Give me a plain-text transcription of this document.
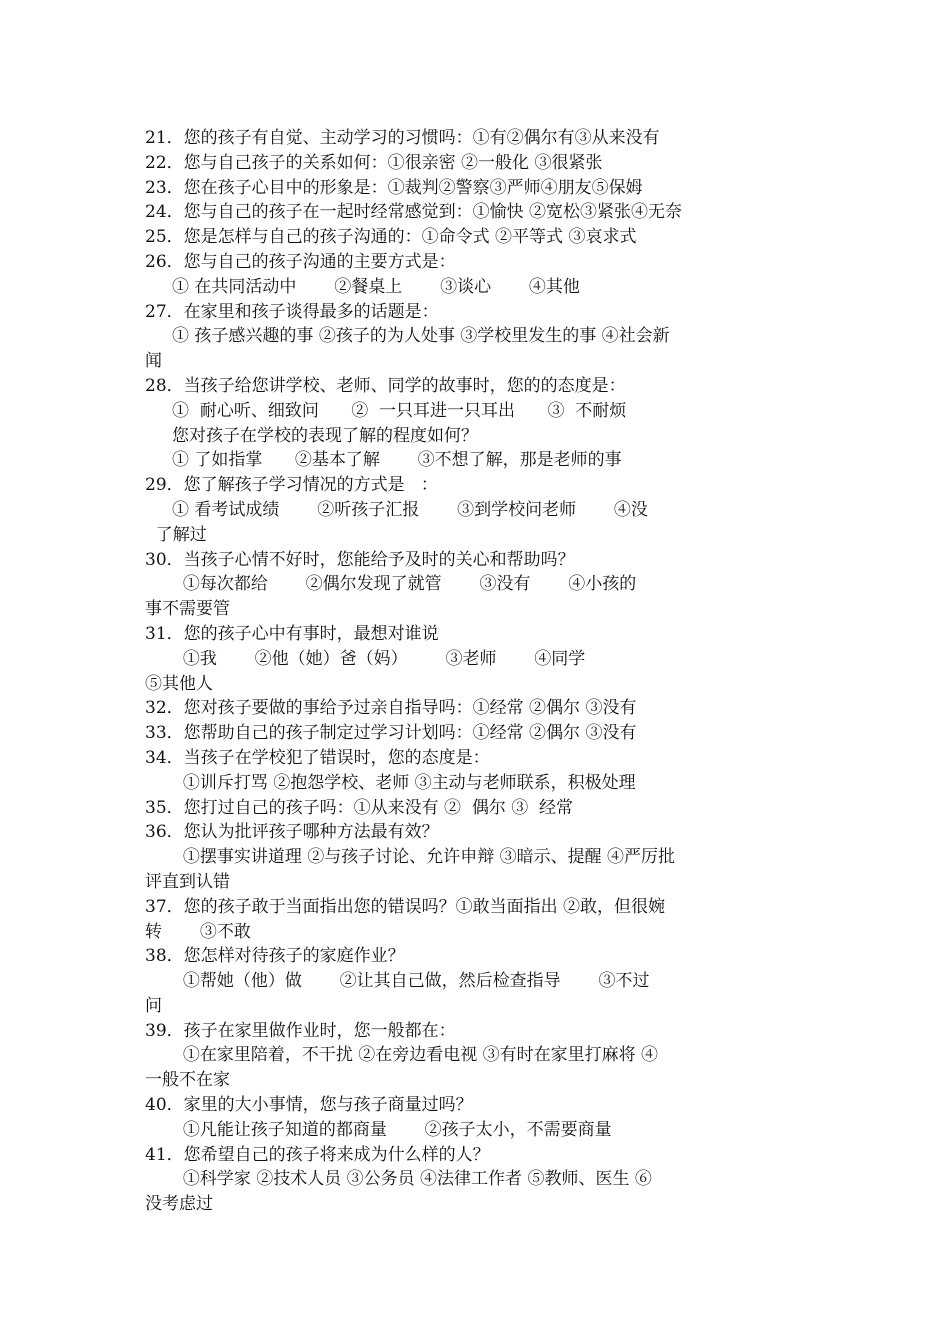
21．您的孩子有自觉、主动学习的习惯吗：①有②偶尔有③从来没有
22．您与自己孩子的关系如何：①很亲密 ②一般化 ③很紧张
23．您在孩子心目中的形象是：①裁判②警察③严师④朋友⑤保姆
24．您与自己的孩子在一起时经常感觉到：①愉快 ②宽松③紧张④无奈
25．您是怎样与自己的孩子沟通的：①命令式 ②平等式 ③哀求式
26．您与自己的孩子沟通的主要方式是：
① 在共同活动中       ②餐桌上       ③谈心       ④其他
27．在家里和孩子谈得最多的话题是：
① 孩子感兴趣的事 ②孩子的为人处事 ③学校里发生的事 ④社会新
闻
28．当孩子给您讲学校、老师、同学的故事时，您的的态度是：
①  耐心听、细致问      ②  一只耳进一只耳出      ③  不耐烦
您对孩子在学校的表现了解的程度如何？
① 了如指掌      ②基本了解       ③不想了解，那是老师的事
29．您了解孩子学习情况的方式是   ：
① 看考试成绩       ②听孩子汇报       ③到学校问老师       ④没
了解过
30．当孩子心情不好时，您能给予及时的关心和帮助吗？
①每次都给       ②偶尔发现了就管       ③没有       ④小孩的
事不需要管
31．您的孩子心中有事时，最想对谁说
①我       ②他（她）爸（妈）       ③老师       ④同学
⑤其他人
32．您对孩子要做的事给予过亲自指导吗：①经常 ②偶尔 ③没有
33．您帮助自己的孩子制定过学习计划吗：①经常 ②偶尔 ③没有
34．当孩子在学校犯了错误时，您的态度是：
①训斥打骂 ②抱怨学校、老师 ③主动与老师联系，积极处理
35．您打过自己的孩子吗：①从来没有 ②  偶尔 ③  经常
36．您认为批评孩子哪种方法最有效？
①摆事实讲道理 ②与孩子讨论、允许申辩 ③暗示、提醒 ④严厉批
评直到认错
37．您的孩子敢于当面指出您的错误吗？①敢当面指出 ②敢，但很婉
转       ③不敢
38．您怎样对待孩子的家庭作业？
①帮她（他）做       ②让其自己做，然后检查指导       ③不过
问
39．孩子在家里做作业时，您一般都在：
①在家里陪着，不干扰 ②在旁边看电视 ③有时在家里打麻将 ④
一般不在家
40．家里的大小事情，您与孩子商量过吗？
①凡能让孩子知道的都商量       ②孩子太小，不需要商量
41．您希望自己的孩子将来成为什么样的人？
①科学家 ②技术人员 ③公务员 ④法律工作者 ⑤教师、医生 ⑥
没考虑过
